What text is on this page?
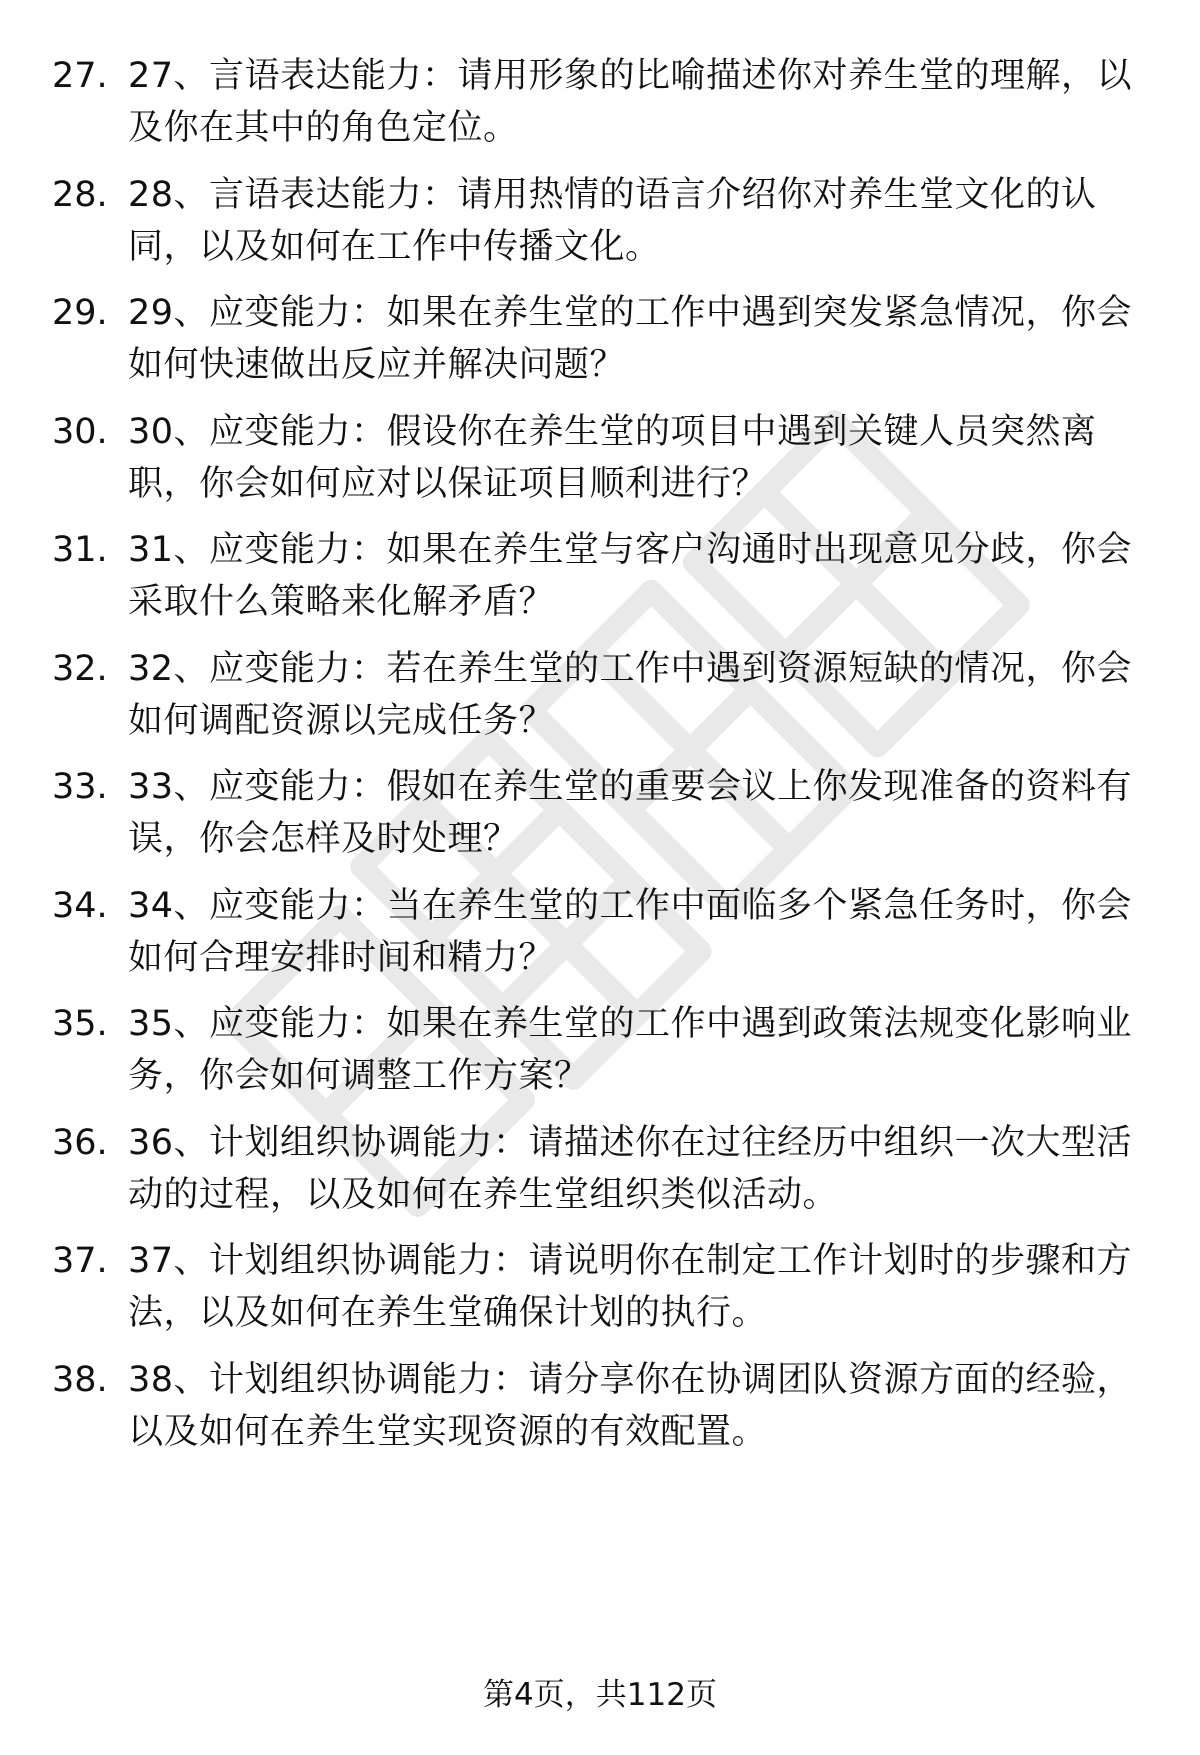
27. 27、言语表达能力：请用形象的比喻描述你对养生堂的理解，以
及你在其中的角色定位。
28. 28、言语表达能力：请用热情的语言介绍你对养生堂文化的认
同，以及如何在工作中传播文化。
29. 29、应变能力：如果在养生堂的工作中遇到突发紧急情况，你会
如何快速做出反应并解决问题？
30. 30、应变能力：假设你在养生堂的项目中遇到关键人员突然离
职，你会如何应对以保证项目顺利进行？
31. 31、应变能力：如果在养生堂与客户沟通时出现意见分歧，你会
采取什么策略来化解矛盾？
32. 32、应变能力：若在养生堂的工作中遇到资源短缺的情况，你会
如何调配资源以完成任务？
33. 33、应变能力：假如在养生堂的重要会议上你发现准备的资料有
误，你会怎样及时处理？
34. 34、应变能力：当在养生堂的工作中面临多个紧急任务时，你会
如何合理安排时间和精力？
35. 35、应变能力：如果在养生堂的工作中遇到政策法规变化影响业
务，你会如何调整工作方案？
36. 36、计划组织协调能力：请描述你在过往经历中组织一次大型活
动的过程，以及如何在养生堂组织类似活动。
37. 37、计划组织协调能力：请说明你在制定工作计划时的步骤和方
法，以及如何在养生堂确保计划的执行。
38. 38、计划组织协调能力：请分享你在协调团队资源方面的经验，
以及如何在养生堂实现资源的有效配置。
第4页，共112页
